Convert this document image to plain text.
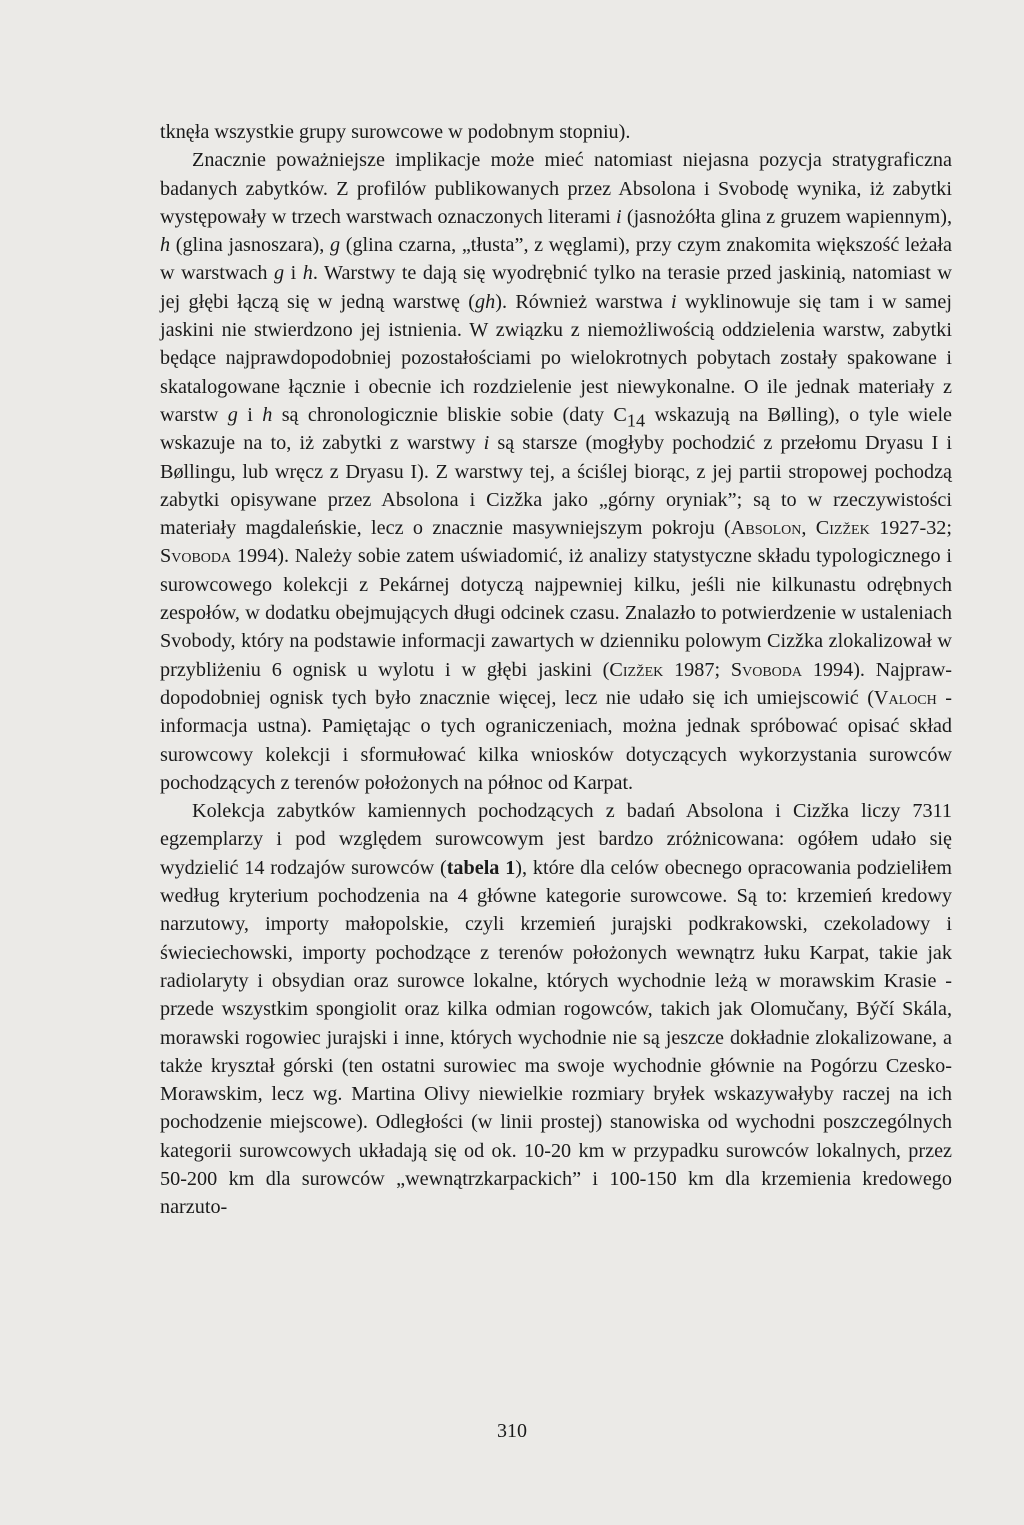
tknęła wszystkie grupy surowcowe w podobnym stopniu).

Znacznie poważniejsze implikacje może mieć natomiast niejasna pozycja stratygraficzna badanych zabytków. Z profilów publikowanych przez Absolona i Svobodę wynika, iż zabytki występowały w trzech warstwach oznaczonych literami i (jasnożółta glina z gruzem wapiennym), h (glina jasnoszara), g (glina czarna, „tłusta”, z węglami), przy czym znakomita większość leżała w warstwach g i h. Warstwy te dają się wyodrębnić tylko na terasie przed jaskinią, natomiast w jej głębi łączą się w jedną warstwę (gh). Również warstwa i wyklinowuje się tam i w samej jaskini nie stwierdzono jej istnienia. W związku z niemożliwością oddzielenia warstw, zabytki będące najprawdopodobniej pozostałościami po wielokrotnych pobytach zostały spakowane i skatalogowane łącznie i obecnie ich rozdzielenie jest niewykonalne. O ile jednak materiały z warstw g i h są chronologicznie bliskie sobie (daty $C_{14}$ wskazują na Bølling), o tyle wiele wskazuje na to, iż zabytki z warstwy i są starsze (mogłyby pochodzić z przełomu Dryasu I i Bøllingu, lub wręcz z Dryasu I). Z warstwy tej, a ściślej biorąc, z jej partii stropowej pochodzą zabytki opisywane przez Absolona i Cizžka jako „górny oryniak”; są to w rzeczywistości materiały magdaleńskie, lecz o znacznie masywniejszym pokroju (Absolon, Cizžek 1927-32; Svoboda 1994). Należy sobie zatem uświadomić, iż analizy statystyczne składu typologicznego i surowcowego kolekcji z Pekárnej dotyczą najpewniej kilku, jeśli nie kilkunastu odrębnych zespołów, w dodatku obejmujących długi odcinek czasu. Znalazło to potwierdzenie w ustaleniach Svobody, który na podstawie informacji zawartych w dzienniku polowym Cizžka zlokalizował w przybliżeniu 6 ognisk u wylotu i w głębi jaskini (Cizžek 1987; Svoboda 1994). Najprawdopodobniej ognisk tych było znacznie więcej, lecz nie udało się ich umiejscowić (Valoch - informacja ustna). Pamiętając o tych ograniczeniach, można jednak spróbować opisać skład surowcowy kolekcji i sformułować kilka wniosków dotyczących wykorzystania surowców pochodzących z terenów położonych na północ od Karpat.

Kolekcja zabytków kamiennych pochodzących z badań Absolona i Cizžka liczy 7311 egzemplarzy i pod względem surowcowym jest bardzo zróżnicowana: ogółem udało się wydzielić 14 rodzajów surowców (tabela 1), które dla celów obecnego opracowania podzieliłem według kryterium pochodzenia na 4 główne kategorie surowcowe. Są to: krzemień kredowy narzutowy, importy małopolskie, czyli krzemień jurajski podkrakowski, czekoladowy i świeciechowski, importy pochodzące z terenów położonych wewnątrz łuku Karpat, takie jak radiolaryty i obsydian oraz surowce lokalne, których wychodnie leżą w morawskim Krasie - przede wszystkim spongiolit oraz kilka odmian rogowców, takich jak Olomučany, Býčí Skála, morawski rogowiec jurajski i inne, których wychodnie nie są jeszcze dokładnie zlokalizowane, a także kryształ górski (ten ostatni surowiec ma swoje wychodnie głównie na Pogórzu Czesko-Morawskim, lecz wg. Martina Olivy niewielkie rozmiary bryłek wskazywałyby raczej na ich pochodzenie miejscowe). Odległości (w linii prostej) stanowiska od wychodni poszczególnych kategorii surowcowych układają się od ok. 10-20 km w przypadku surowców lokalnych, przez 50-200 km dla surowców „wewnątrzkarpackich” i 100-150 km dla krzemienia kredowego narzuto-

310
